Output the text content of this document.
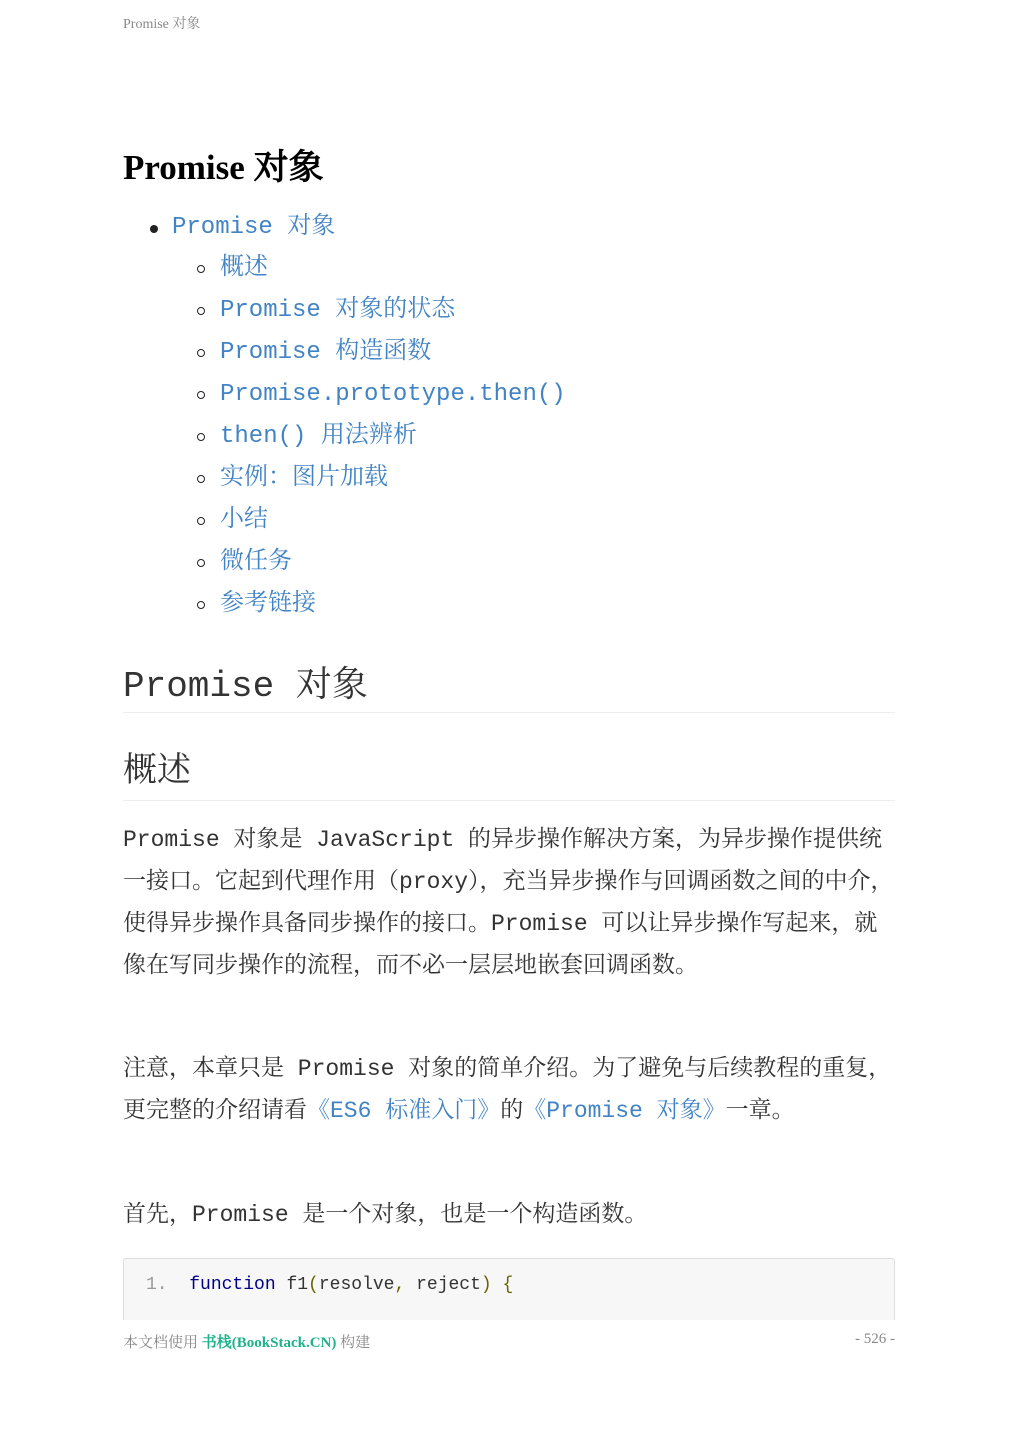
Promise 对象
Promise 对象
Promise 对象
概述
Promise 对象的状态
Promise 构造函数
Promise.prototype.then()
then() 用法辨析
实例：图片加载
小结
微任务
参考链接
Promise 对象
概述

Promise 对象是 JavaScript 的异步操作解决方案，为异步操作提供统一接口。它起到代理作用（proxy），充当异步操作与回调函数之间的中介，使得异步操作具备同步操作的接口。Promise 可以让异步操作写起来，就像在写同步操作的流程，而不必一层层地嵌套回调函数。

注意，本章只是 Promise 对象的简单介绍。为了避免与后续教程的重复，更完整的介绍请看《ES6 标准入门》的《Promise 对象》一章。

首先，Promise 是一个对象，也是一个构造函数。

1. function f1(resolve, reject) {
本文档使用 书栈(BookStack.CN) 构建	- 526 -
